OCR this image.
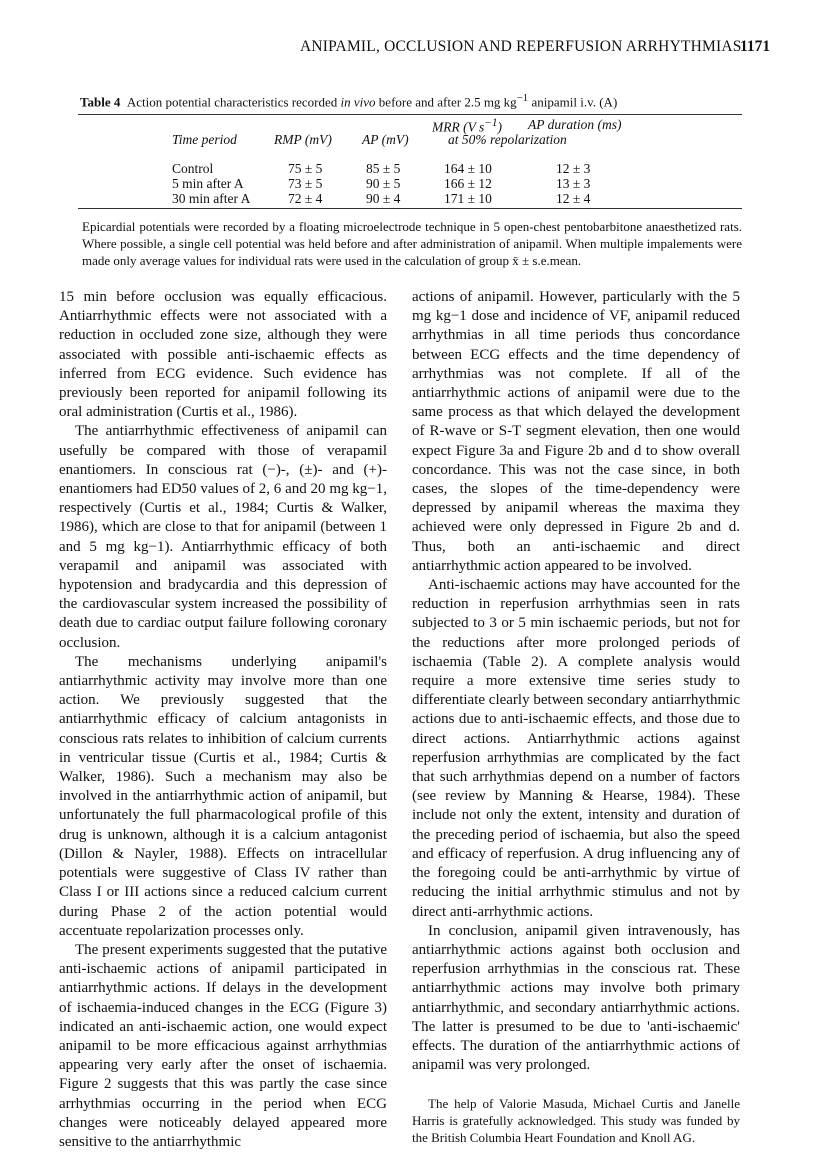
ANIPAMIL, OCCLUSION AND REPERFUSION ARRHYTHMIAS
1171
Table 4 Action potential characteristics recorded in vivo before and after 2.5 mg $kg^{-1}$ anipamil i.v. (A)
Time period	RMP (mV) AP (mV)
MRR (V $s^{-1}$) AP duration (ms)
at 50% repolarization
Control	75 ± 5	85 ± 5	164 ± 10	12 ± 3
5 min after A	73 ± 5	90 ± 5	166 ± 12	13 ± 3
30 min after A	72 ± 4	90 ± 4	171 ± 10	12 ± 4

Epicardial potentials were recorded by a floating microelectrode technique in 5 open-chest pentobarbitone anaesthetized rats. Where possible, a single cell potential was held before and after administration of anipamil. When multiple impalements were made only average values for individual rats were used in the calculation of group x̄ ± s.e.mean.

15 min before occlusion was equally efficacious. Antiarrhythmic effects were not associated with a reduction in occluded zone size, although they were associated with possible anti-ischaemic effects as inferred from ECG evidence. Such evidence has previously been reported for anipamil following its oral administration (Curtis et al., 1986).

The antiarrhythmic effectiveness of anipamil can usefully be compared with those of verapamil enantiomers. In conscious rat (−)-, (±)- and (+)-enantiomers had ED50 values of 2, 6 and 20 mg kg−1, respectively (Curtis et al., 1984; Curtis & Walker, 1986), which are close to that for anipamil (between 1 and 5 mg kg−1). Antiarrhythmic efficacy of both verapamil and anipamil was associated with hypotension and bradycardia and this depression of the cardiovascular system increased the possibility of death due to cardiac output failure following coronary occlusion.

The mechanisms underlying anipamil's antiarrhythmic activity may involve more than one action. We previously suggested that the antiarrhythmic efficacy of calcium antagonists in conscious rats relates to inhibition of calcium currents in ventricular tissue (Curtis et al., 1984; Curtis & Walker, 1986). Such a mechanism may also be involved in the antiarrhythmic action of anipamil, but unfortunately the full pharmacological profile of this drug is unknown, although it is a calcium antagonist (Dillon & Nayler, 1988). Effects on intracellular potentials were suggestive of Class IV rather than Class I or III actions since a reduced calcium current during Phase 2 of the action potential would accentuate repolarization processes only.

The present experiments suggested that the putative anti-ischaemic actions of anipamil participated in antiarrhythmic actions. If delays in the development of ischaemia-induced changes in the ECG (Figure 3) indicated an anti-ischaemic action, one would expect anipamil to be more efficacious against arrhythmias appearing very early after the onset of ischaemia. Figure 2 suggests that this was partly the case since arrhythmias occurring in the period when ECG changes were noticeably delayed appeared more sensitive to the antiarrhythmic

actions of anipamil. However, particularly with the 5 mg kg−1 dose and incidence of VF, anipamil reduced arrhythmias in all time periods thus concordance between ECG effects and the time dependency of arrhythmias was not complete. If all of the antiarrhythmic actions of anipamil were due to the same process as that which delayed the development of R-wave or S-T segment elevation, then one would expect Figure 3a and Figure 2b and d to show overall concordance. This was not the case since, in both cases, the slopes of the time-dependency were depressed by anipamil whereas the maxima they achieved were only depressed in Figure 2b and d. Thus, both an anti-ischaemic and direct antiarrhythmic action appeared to be involved.

Anti-ischaemic actions may have accounted for the reduction in reperfusion arrhythmias seen in rats subjected to 3 or 5 min ischaemic periods, but not for the reductions after more prolonged periods of ischaemia (Table 2). A complete analysis would require a more extensive time series study to differentiate clearly between secondary antiarrhythmic actions due to anti-ischaemic effects, and those due to direct actions. Antiarrhythmic actions against reperfusion arrhythmias are complicated by the fact that such arrhythmias depend on a number of factors (see review by Manning & Hearse, 1984). These include not only the extent, intensity and duration of the preceding period of ischaemia, but also the speed and efficacy of reperfusion. A drug influencing any of the foregoing could be anti-arrhythmic by virtue of reducing the initial arrhythmic stimulus and not by direct anti-arrhythmic actions.

In conclusion, anipamil given intravenously, has antiarrhythmic actions against both occlusion and reperfusion arrhythmias in the conscious rat. These antiarrhythmic actions may involve both primary antiarrhythmic, and secondary antiarrhythmic actions. The latter is presumed to be due to 'anti-ischaemic' effects. The duration of the antiarrhythmic actions of anipamil was very prolonged.

The help of Valorie Masuda, Michael Curtis and Janelle Harris is gratefully acknowledged. This study was funded by the British Columbia Heart Foundation and Knoll AG.
